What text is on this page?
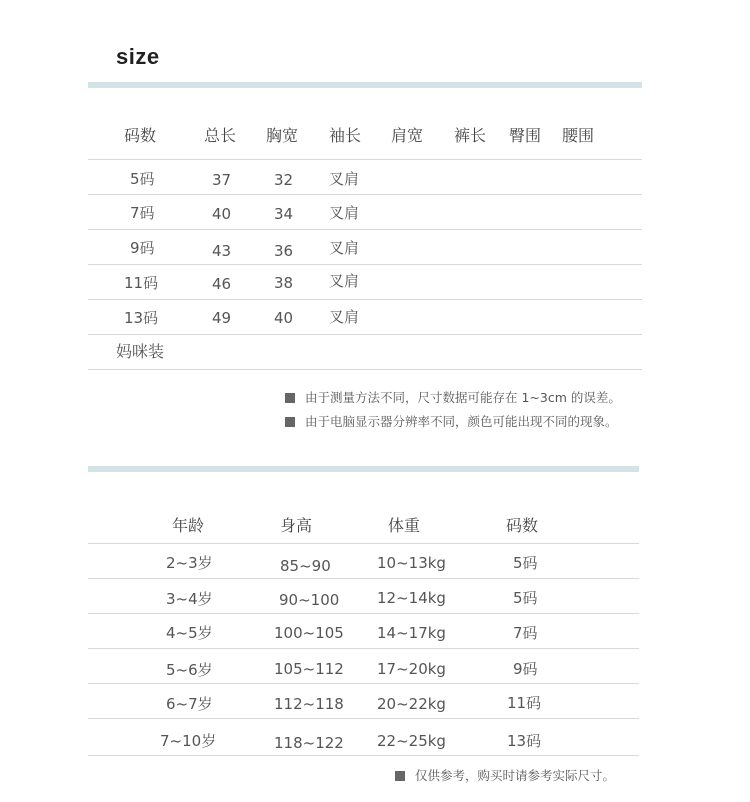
size
码数	总长 胸宽 袖长 肩宽 裤长 臀围 腰围
5码	37	32 叉肩
7码	40	34 叉肩
9码	43	36 叉肩
11码	46	38 叉肩
13码	49	40 叉肩
妈咪装
由于测量方法不同，尺寸数据可能存在 1~3cm 的误差。
由于电脑显示器分辨率不同，颜色可能出现不同的现象。
年龄	身高	体重	码数
2~3岁	85~90	10~13kg	5码
3~4岁	90~100	12~14kg	5码
4~5岁	100~105 14~17kg	7码
5~6岁	105~112 17~20kg	9码
6~7岁	112~118 20~22kg	11码
7~10岁	118~122 22~25kg	13码
仅供参考，购买时请参考实际尺寸。
